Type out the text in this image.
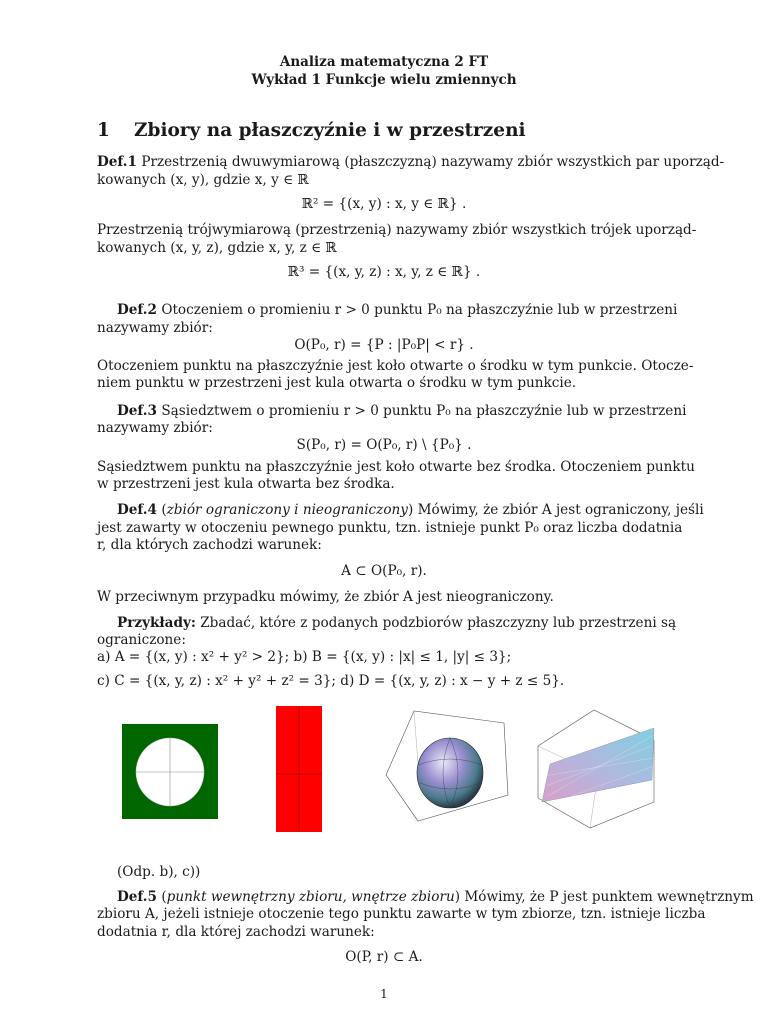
Analiza matematyczna 2 FT
Wykład 1 Funkcje wielu zmiennych
1 Zbiory na płaszczyźnie i w przestrzeni
Def.1 Przestrzenią dwuwymiarową (płaszczyzną) nazywamy zbiór wszystkich par uporząd-
kowanych (x, y), gdzie x, y ∈ ℝ
ℝ² = {(x, y) : x, y ∈ ℝ} .
Przestrzenią trójwymiarową (przestrzenią) nazywamy zbiór wszystkich trójek uporząd-
kowanych (x, y, z), gdzie x, y, z ∈ ℝ
ℝ³ = {(x, y, z) : x, y, z ∈ ℝ} .
Def.2 Otoczeniem o promieniu r > 0 punktu P₀ na płaszczyźnie lub w przestrzeni
nazywamy zbiór:
O(P₀, r) = {P : |P₀P| < r} .
Otoczeniem punktu na płaszczyźnie jest koło otwarte o środku w tym punkcie. Otocze-
niem punktu w przestrzeni jest kula otwarta o środku w tym punkcie.
Def.3 Sąsiedztwem o promieniu r > 0 punktu P₀ na płaszczyźnie lub w przestrzeni
nazywamy zbiór:
S(P₀, r) = O(P₀, r) \ {P₀} .
Sąsiedztwem punktu na płaszczyźnie jest koło otwarte bez środka. Otoczeniem punktu
w przestrzeni jest kula otwarta bez środka.
Def.4 (zbiór ograniczony i nieograniczony) Mówimy, że zbiór A jest ograniczony, jeśli
jest zawarty w otoczeniu pewnego punktu, tzn. istnieje punkt P₀ oraz liczba dodatnia
r, dla których zachodzi warunek:
A ⊂ O(P₀, r).
W przeciwnym przypadku mówimy, że zbiór A jest nieograniczony.
Przykłady: Zbadać, które z podanych podzbiorów płaszczyzny lub przestrzeni są
ograniczone:
a) A = {(x, y) : x² + y² > 2}; b) B = {(x, y) : |x| ≤ 1, |y| ≤ 3};
c) C = {(x, y, z) : x² + y² + z² = 3}; d) D = {(x, y, z) : x − y + z ≤ 5}.
(Odp. b), c))
Def.5 (punkt wewnętrzny zbioru, wnętrze zbioru) Mówimy, że P jest punktem wewnętrznym
zbioru A, jeżeli istnieje otoczenie tego punktu zawarte w tym zbiorze, tzn. istnieje liczba
dodatnia r, dla której zachodzi warunek:
O(P, r) ⊂ A.
1
